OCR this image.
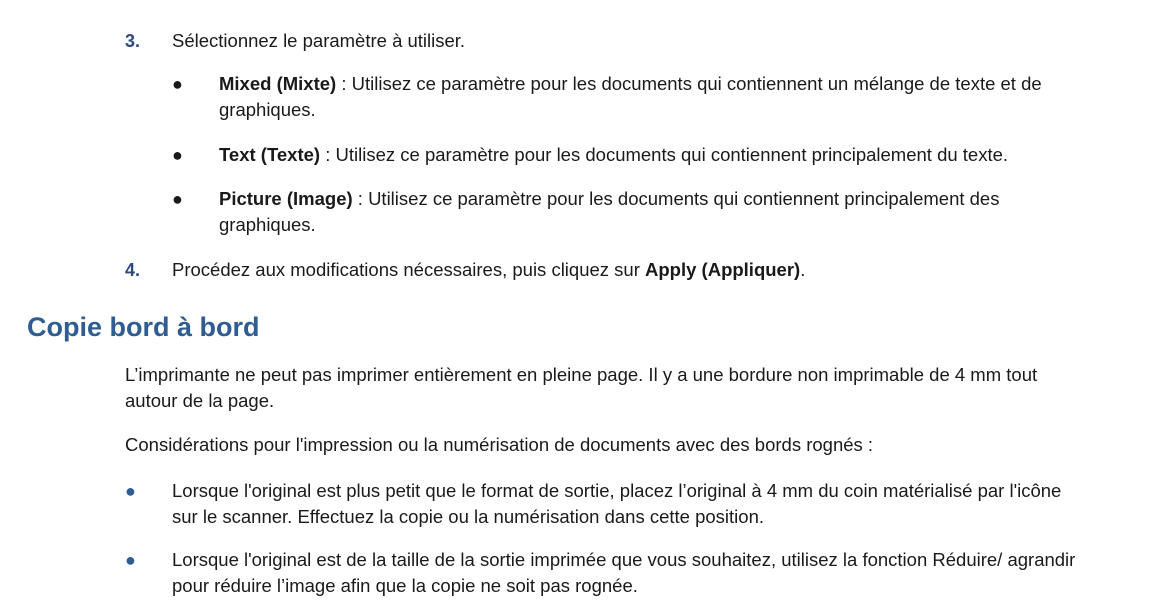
3. Sélectionnez le paramètre à utiliser.
● Mixed (Mixte) : Utilisez ce paramètre pour les documents qui contiennent un mélange de texte et de graphiques.
● Text (Texte) : Utilisez ce paramètre pour les documents qui contiennent principalement du texte.
● Picture (Image) : Utilisez ce paramètre pour les documents qui contiennent principalement des graphiques.
4. Procédez aux modifications nécessaires, puis cliquez sur Apply (Appliquer).
Copie bord à bord
L’imprimante ne peut pas imprimer entièrement en pleine page. Il y a une bordure non imprimable de 4 mm tout autour de la page.
Considérations pour l'impression ou la numérisation de documents avec des bords rognés :
● Lorsque l'original est plus petit que le format de sortie, placez l’original à 4 mm du coin matérialisé par l'icône sur le scanner. Effectuez la copie ou la numérisation dans cette position.
● Lorsque l'original est de la taille de la sortie imprimée que vous souhaitez, utilisez la fonction Réduire/ agrandir pour réduire l’image afin que la copie ne soit pas rognée.
